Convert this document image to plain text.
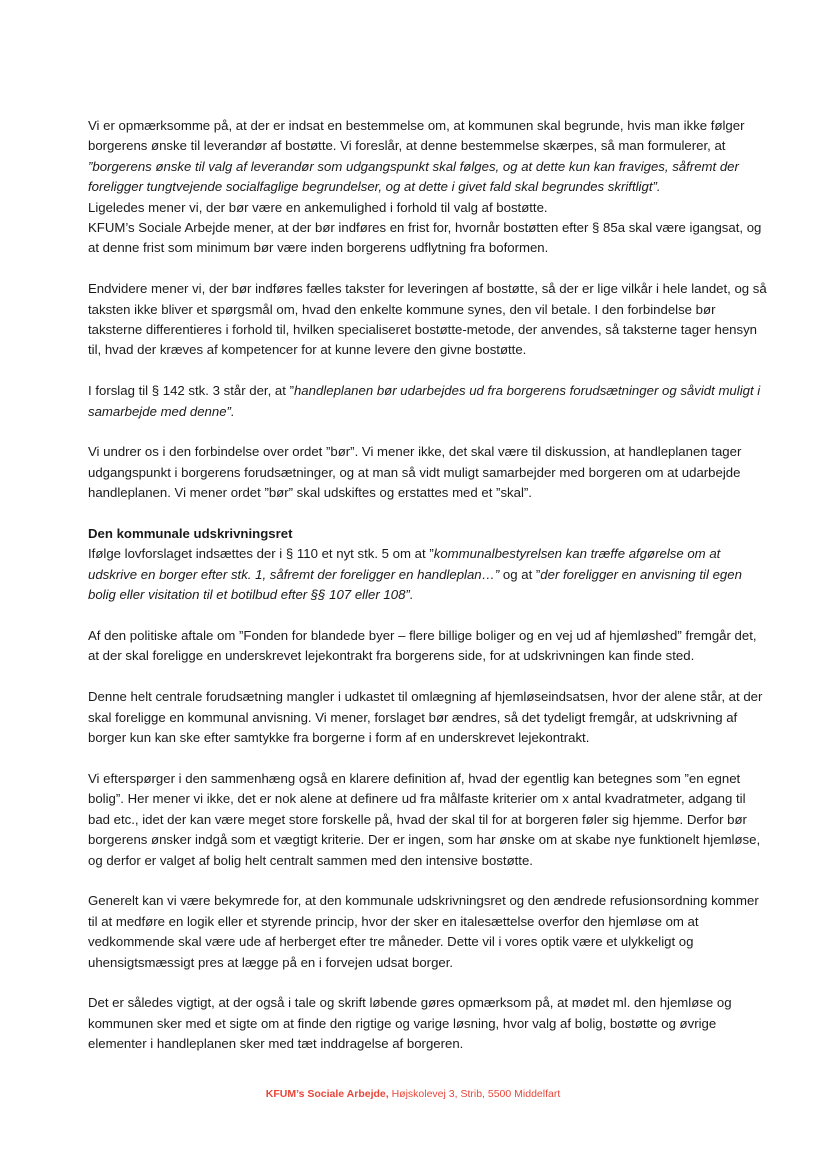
Vi er opmærksomme på, at der er indsat en bestemmelse om, at kommunen skal begrunde, hvis man ikke følger borgerens ønske til leverandør af bostøtte. Vi foreslår, at denne bestemmelse skærpes, så man formulerer, at
”borgerens ønske til valg af leverandør som udgangspunkt skal følges, og at dette kun kan fraviges, såfremt der foreligger tungtvejende socialfaglige begrundelser, og at dette i givet fald skal begrundes skriftligt”.
Ligeledes mener vi, der bør være en ankemulighed i forhold til valg af bostøtte.
KFUM’s Sociale Arbejde mener, at der bør indføres en frist for, hvornår bostøtten efter § 85a skal være igangsat, og at denne frist som minimum bør være inden borgerens udflytning fra boformen.

Endvidere mener vi, der bør indføres fælles takster for leveringen af bostøtte, så der er lige vilkår i hele landet, og så taksten ikke bliver et spørgsmål om, hvad den enkelte kommune synes, den vil betale. I den forbindelse bør taksterne differentieres i forhold til, hvilken specialiseret bostøtte-metode, der anvendes, så taksterne tager hensyn til, hvad der kræves af kompetencer for at kunne levere den givne bostøtte.

I forslag til § 142 stk. 3 står der, at ”handleplanen bør udarbejdes ud fra borgerens forudsætninger og såvidt muligt i samarbejde med denne”.

Vi undrer os i den forbindelse over ordet ”bør”. Vi mener ikke, det skal være til diskussion, at handleplanen tager udgangspunkt i borgerens forudsætninger, og at man så vidt muligt samarbejder med borgeren om at udarbejde handleplanen. Vi mener ordet ”bør” skal udskiftes og erstattes med et ”skal”.

Den kommunale udskrivningsret

Ifølge lovforslaget indsættes der i § 110 et nyt stk. 5 om at ”kommunalbestyrelsen kan træffe afgørelse om at udskrive en borger efter stk. 1, såfremt der foreligger en handleplan…” og at ”der foreligger en anvisning til egen bolig eller visitation til et botilbud efter §§ 107 eller 108”.

Af den politiske aftale om ”Fonden for blandede byer – flere billige boliger og en vej ud af hjemløshed” fremgår det, at der skal foreligge en underskrevet lejekontrakt fra borgerens side, for at udskrivningen kan finde sted.

Denne helt centrale forudsætning mangler i udkastet til omlægning af hjemløseindsatsen, hvor der alene står, at der skal foreligge en kommunal anvisning. Vi mener, forslaget bør ændres, så det tydeligt fremgår, at udskrivning af borger kun kan ske efter samtykke fra borgerne i form af en underskrevet lejekontrakt.

Vi efterspørger i den sammenhæng også en klarere definition af, hvad der egentlig kan betegnes som ”en egnet bolig”. Her mener vi ikke, det er nok alene at definere ud fra målfaste kriterier om x antal kvadratmeter, adgang til bad etc., idet der kan være meget store forskelle på, hvad der skal til for at borgeren føler sig hjemme. Derfor bør borgerens ønsker indgå som et vægtigt kriterie. Der er ingen, som har ønske om at skabe nye funktionelt hjemløse, og derfor er valget af bolig helt centralt sammen med den intensive bostøtte.

Generelt kan vi være bekymrede for, at den kommunale udskrivningsret og den ændrede refusionsordning kommer til at medføre en logik eller et styrende princip, hvor der sker en italesættelse overfor den hjemløse om at vedkommende skal være ude af herberget efter tre måneder. Dette vil i vores optik være et ulykkeligt og uhensigtsmæssigt pres at lægge på en i forvejen udsat borger.

Det er således vigtigt, at der også i tale og skrift løbende gøres opmærksom på, at mødet ml. den hjemløse og kommunen sker med et sigte om at finde den rigtige og varige løsning, hvor valg af bolig, bostøtte og øvrige elementer i handleplanen sker med tæt inddragelse af borgeren.

KFUM’s Sociale Arbejde, Højskolevej 3, Strib, 5500 Middelfart
